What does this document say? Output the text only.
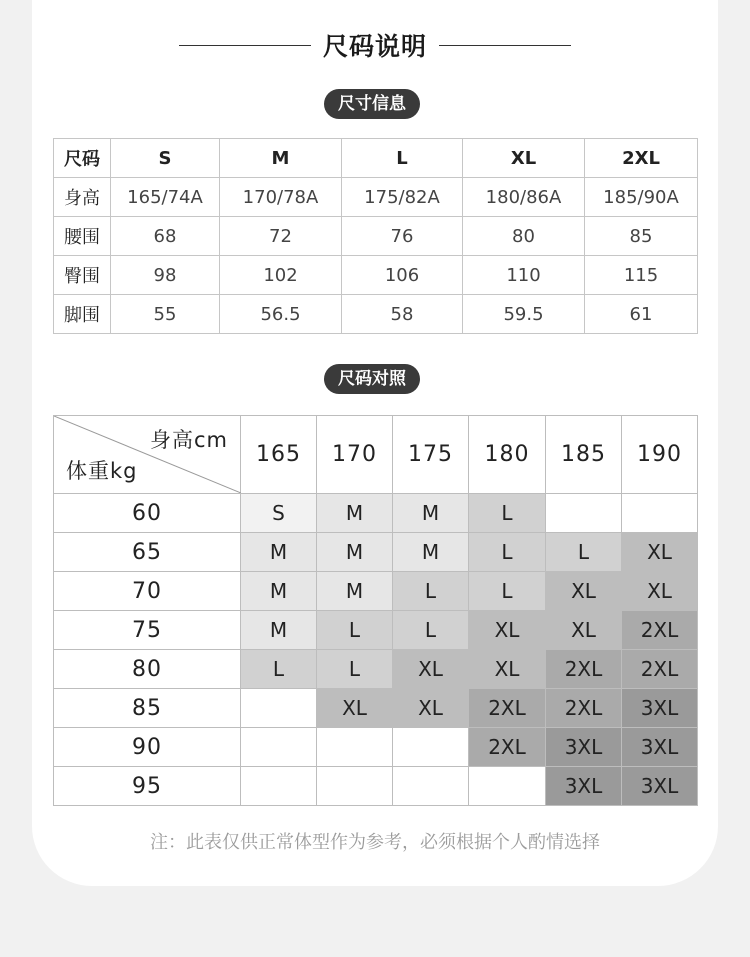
尺码说明
尺寸信息
尺码	S	M	L	XL	2XL
身高	165/74A	170/78A	175/82A	180/86A	185/90A
腰围	68	72	76	80	85
臀围	98	102	106	110	115
脚围	55	56.5	58	59.5	61
尺码对照
身高cm
体重kg	165	170	175	180	185	190
60	S	M	M	L		
65	M	M	M	L	L	XL
70	M	M	L	L	XL	XL
75	M	L	L	XL	XL	2XL
80	L	L	XL	XL	2XL	2XL
85		XL	XL	2XL	2XL	3XL
90				2XL	3XL	3XL
95					3XL	3XL
注：此表仅供正常体型作为参考，必须根据个人酌情选择
